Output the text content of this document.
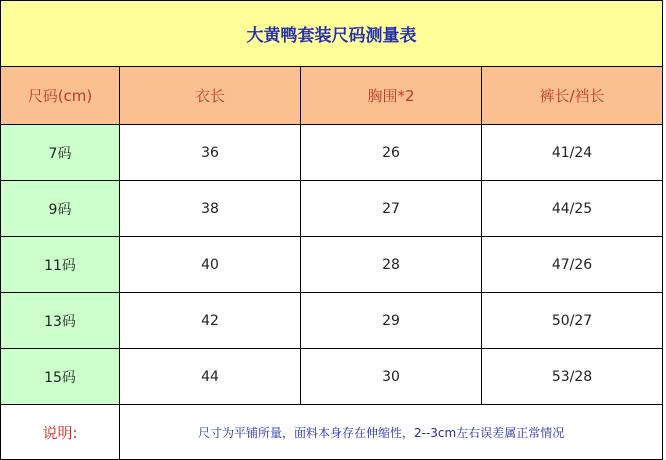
大黄鸭套装尺码测量表
尺码(cm)	衣长	胸围*2	裤长/裆长
7码	36	26	41/24
9码	38	27	44/25
11码	40	28	47/26
13码	42	29	50/27
15码	44	30	53/28
说明:	尺寸为平铺所量，面料本身存在伸缩性，2--3cm左右误差属正常情况
